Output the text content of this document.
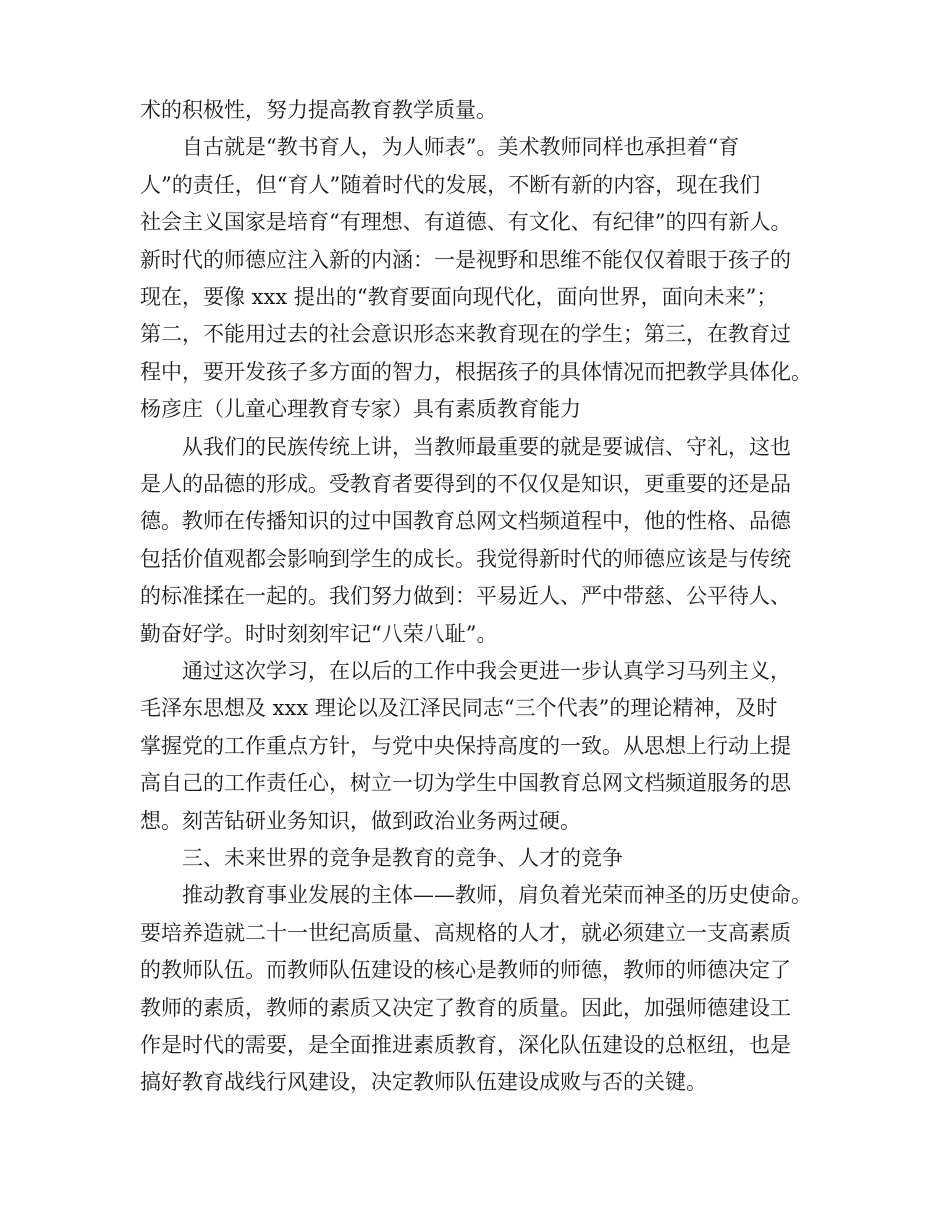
术的积极性，努力提高教育教学质量。
自古就是“教书育人，为人师表”。美术教师同样也承担着“育
人”的责任，但“育人”随着时代的发展，不断有新的内容，现在我们
社会主义国家是培育“有理想、有道德、有文化、有纪律”的四有新人。
新时代的师德应注入新的内涵：一是视野和思维不能仅仅着眼于孩子的
现在，要像 xxx 提出的“教育要面向现代化，面向世界，面向未来”；
第二，不能用过去的社会意识形态来教育现在的学生；第三，在教育过
程中，要开发孩子多方面的智力，根据孩子的具体情况而把教学具体化。
杨彦庄（儿童心理教育专家）具有素质教育能力
从我们的民族传统上讲，当教师最重要的就是要诚信、守礼，这也
是人的品德的形成。受教育者要得到的不仅仅是知识，更重要的还是品
德。教师在传播知识的过中国教育总网文档频道程中，他的性格、品德
包括价值观都会影响到学生的成长。我觉得新时代的师德应该是与传统
的标准揉在一起的。我们努力做到：平易近人、严中带慈、公平待人、
勤奋好学。时时刻刻牢记“八荣八耻”。
通过这次学习，在以后的工作中我会更进一步认真学习马列主义，
毛泽东思想及 xxx 理论以及江泽民同志“三个代表”的理论精神，及时
掌握党的工作重点方针，与党中央保持高度的一致。从思想上行动上提
高自己的工作责任心，树立一切为学生中国教育总网文档频道服务的思
想。刻苦钻研业务知识，做到政治业务两过硬。
三、未来世界的竞争是教育的竞争、人才的竞争
推动教育事业发展的主体——教师，肩负着光荣而神圣的历史使命。
要培养造就二十一世纪高质量、高规格的人才，就必须建立一支高素质
的教师队伍。而教师队伍建设的核心是教师的师德，教师的师德决定了
教师的素质，教师的素质又决定了教育的质量。因此，加强师德建设工
作是时代的需要，是全面推进素质教育，深化队伍建设的总枢纽，也是
搞好教育战线行风建设，决定教师队伍建设成败与否的关键。
